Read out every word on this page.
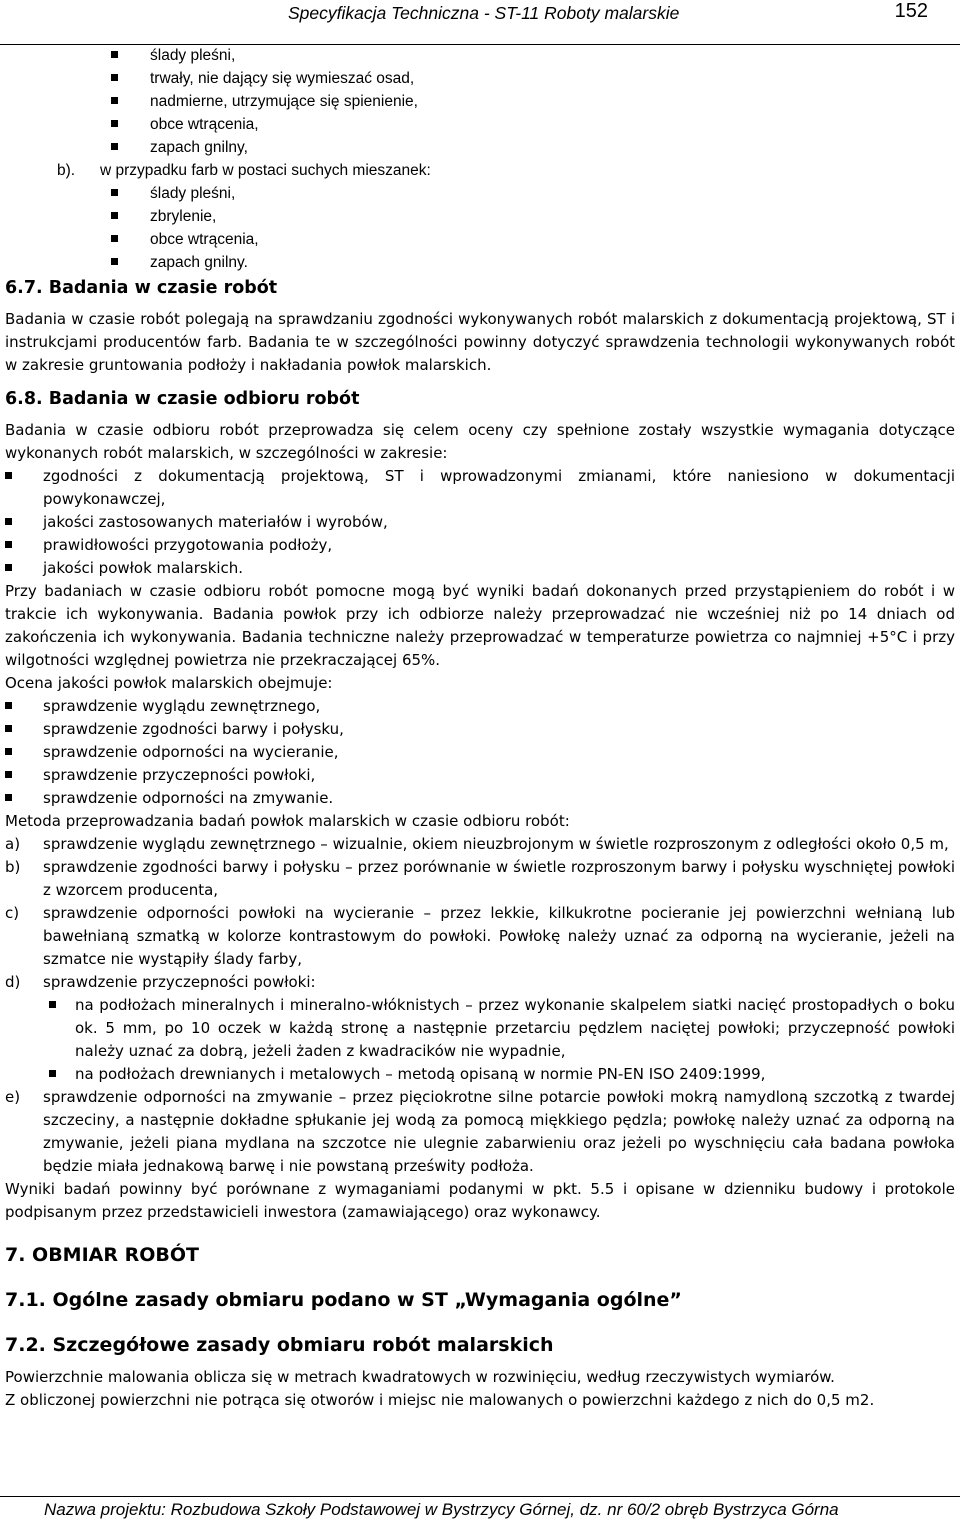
Specyfikacja Techniczna - ST-11 Roboty malarskie	152
ślady pleśni,
trwały, nie dający się wymieszać osad,
nadmierne, utrzymujące się spienienie,
obce wtrącenia,
zapach gnilny,
b). w przypadku farb w postaci suchych mieszanek:
ślady pleśni,
zbrylenie,
obce wtrącenia,
zapach gnilny.
6.7. Badania w czasie robót

Badania w czasie robót polegają na sprawdzaniu zgodności wykonywanych robót malarskich z dokumentacją projektową, ST i instrukcjami producentów farb. Badania te w szczególności powinny dotyczyć sprawdzenia technologii wykonywanych robót w zakresie gruntowania podłoży i nakładania powłok malarskich.

6.8. Badania w czasie odbioru robót

Badania w czasie odbioru robót przeprowadza się celem oceny czy spełnione zostały wszystkie wymagania dotyczące wykonanych robót malarskich, w szczególności w zakresie:

zgodności z dokumentacją projektową, ST i wprowadzonymi zmianami, które naniesiono w dokumentacji powykonawczej,
jakości zastosowanych materiałów i wyrobów,
prawidłowości przygotowania podłoży,
jakości powłok malarskich.

Przy badaniach w czasie odbioru robót pomocne mogą być wyniki badań dokonanych przed przystąpieniem do robót i w trakcie ich wykonywania. Badania powłok przy ich odbiorze należy przeprowadzać nie wcześniej niż po 14 dniach od zakończenia ich wykonywania. Badania techniczne należy przeprowadzać w temperaturze powietrza co najmniej +5°C i przy wilgotności względnej powietrza nie przekraczającej 65%.

Ocena jakości powłok malarskich obejmuje:

sprawdzenie wyglądu zewnętrznego,
sprawdzenie zgodności barwy i połysku,
sprawdzenie odporności na wycieranie,
sprawdzenie przyczepności powłoki,
sprawdzenie odporności na zmywanie.

Metoda przeprowadzania badań powłok malarskich w czasie odbioru robót:

a) sprawdzenie wyglądu zewnętrznego – wizualnie, okiem nieuzbrojonym w świetle rozproszonym z odległości około 0,5 m,
b) sprawdzenie zgodności barwy i połysku – przez porównanie w świetle rozproszonym barwy i połysku wyschniętej powłoki z wzorcem producenta,
c) sprawdzenie odporności powłoki na wycieranie – przez lekkie, kilkukrotne pocieranie jej powierzchni wełnianą lub bawełnianą szmatką w kolorze kontrastowym do powłoki. Powłokę należy uznać za odporną na wycieranie, jeżeli na szmatce nie wystąpiły ślady farby,
d) sprawdzenie przyczepności powłoki:
na podłożach mineralnych i mineralno-włóknistych – przez wykonanie skalpelem siatki nacięć prostopadłych o boku ok. 5 mm, po 10 oczek w każdą stronę a następnie przetarciu pędzlem naciętej powłoki; przyczepność powłoki należy uznać za dobrą, jeżeli żaden z kwadracików nie wypadnie,
na podłożach drewnianych i metalowych – metodą opisaną w normie PN-EN ISO 2409:1999,
e) sprawdzenie odporności na zmywanie – przez pięciokrotne silne potarcie powłoki mokrą namydloną szczotką z twardej szczeciny, a następnie dokładne spłukanie jej wodą za pomocą miękkiego pędzla; powłokę należy uznać za odporną na zmywanie, jeżeli piana mydlana na szczotce nie ulegnie zabarwieniu oraz jeżeli po wyschnięciu cała badana powłoka będzie miała jednakową barwę i nie powstaną prześwity podłoża.

Wyniki badań powinny być porównane z wymaganiami podanymi w pkt. 5.5 i opisane w dzienniku budowy i protokole podpisanym przez przedstawicieli inwestora (zamawiającego) oraz wykonawcy.

7. OBMIAR ROBÓT
7.1. Ogólne zasady obmiaru podano w ST „Wymagania ogólne”
7.2. Szczegółowe zasady obmiaru robót malarskich

Powierzchnie malowania oblicza się w metrach kwadratowych w rozwinięciu, według rzeczywistych wymiarów.

Z obliczonej powierzchni nie potrąca się otworów i miejsc nie malowanych o powierzchni każdego z nich do 0,5 m2.

Nazwa projektu: Rozbudowa Szkoły Podstawowej w Bystrzycy Górnej, dz. nr 60/2 obręb Bystrzyca Górna
